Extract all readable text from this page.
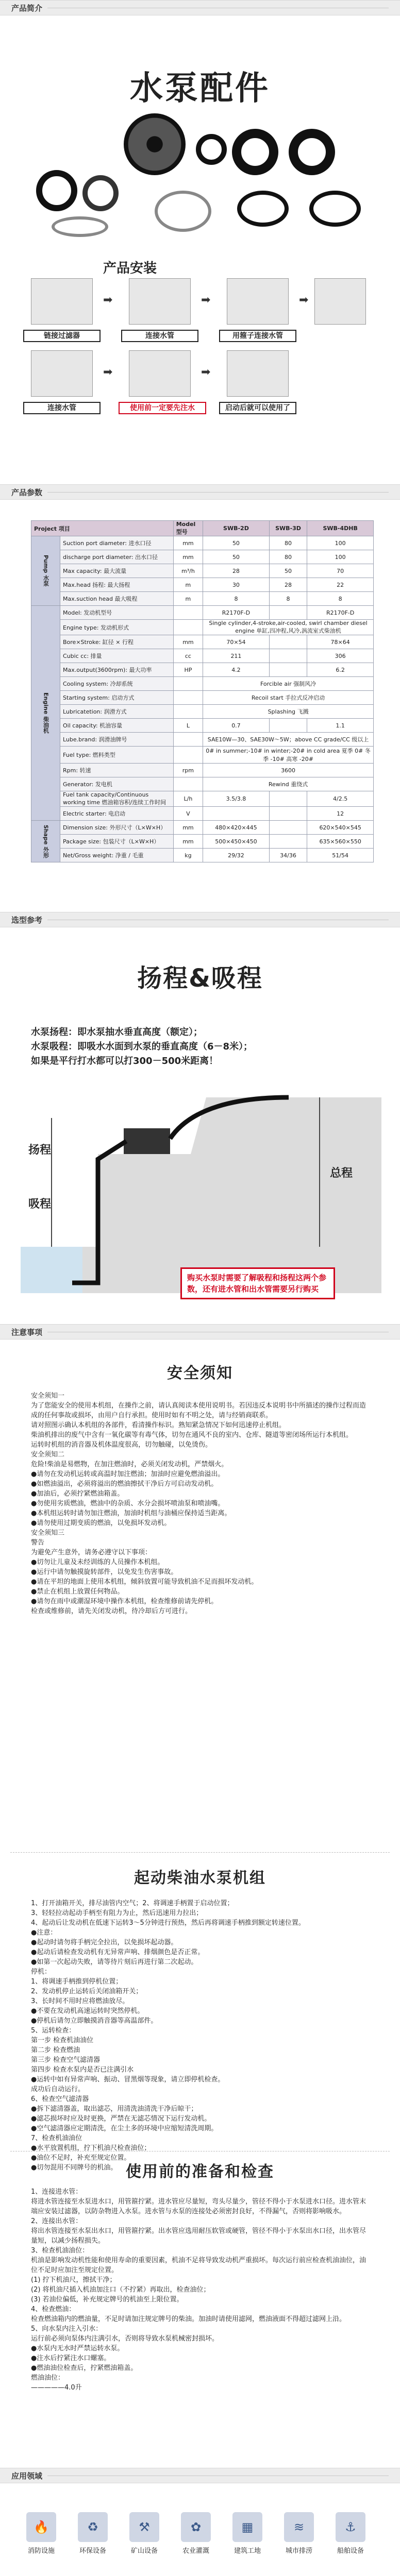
产品简介
水泵配件
产品安装
➡	➡	➡
链接过滤器	连接水管	用箍子连接水管
➡	➡
连接水管	使用前一定要先注水	启动后就可以使用了
产品参数
Project 项目		Model 型号	SWB-2D	SWB-3D	SWB-4DHB
Pump 水泵	Suction port diameter: 进水口径	mm	50	80	100
	discharge port diameter: 出水口径	mm	50	80	100
	Max capacity: 最大流量	m³/h	28	50	70
	Max.head 扬程: 最大扬程	m	30	28	22
	Max.suction head 最大吸程	m	8	8	8
Engine 柴油机	Model: 发动机型号		R2170F-D		R2170F-D
	Engine type: 发动机形式		Single cylinder,4-stroke,air-cooled, swirl chamber diesel engine 单缸,四冲程,风冷,涡流室式柴油机		
	Bore×Stroke: 缸径 × 行程	mm	70×54		78×64
	Cubic cc: 排量	cc	211		306
	Max.output(3600rpm): 最大功率	HP	4.2		6.2
	Cooling system: 冷却系统		Forcible air 强制风冷		
	Starting system: 启动方式		Recoil start 手拉式反冲启动		
	Lubricatetion: 润滑方式		Splashing 飞溅		
	Oil capacity: 机油容量	L	0.7		1.1
	Lube.brand: 润滑油牌号		SAE10W—30、SAE30W～5W；above CC grade/CC 级以上		
	Fuel type: 燃料类型		0# in summer;-10# in winter;-20# in cold area 夏季 0# 冬季 -10# 高寒 -20#		
	Rpm: 转速	rpm	3600		
	Generator: 发电机		Rewind 重绕式		
	Fuel tank capacity/Continuous working time 燃油箱容积/连续工作时间	L/h	3.5/3.8		4/2.5
	Electric starter: 电启动	V			12
Shape 外形	Dimension size: 外形尺寸（L×W×H）	mm	480×420×445		620×540×545
	Package size: 包装尺寸（L×W×H）	mm	500×450×450		635×560×550
	Net/Gross weight: 净重 / 毛重	kg	29/32	34/36	51/54
选型参考
扬程&吸程
水泵扬程：即水泵抽水垂直高度（额定）；
水泵吸程：即吸水水面到水泵的垂直高度（6－8米）；
如果是平行打水都可以打300－500米距离！
扬程
吸程
总程
购买水泵时需要了解吸程和扬程这两个参数，还有进水管和出水管需要另行购买
注意事项
安全须知
安全须知一
为了您能安全的使用本机组，在操作之前，请认真阅读本使用说明书。若因违反本说明书中所描述的操作过程而造成的任何事故或损坏，由用户自行承担。使用时如有不明之处，请与经销商联系。
请对照图示确认本机组的各部件，看清操作标识。熟知紧急情况下如何迅速停止机组。
柴油机排出的废气中含有一氧化碳等有毒气体，切勿在通风不良的室内、仓库、隧道等密闭场所运行本机组。
运转时机组的消音器及机体温度很高，切勿触碰，以免烫伤。
安全须知二
危险!柴油是易燃物，在加注燃油时，必须关闭发动机，严禁烟火。
●请勿在发动机运转或高温时加注燃油；加油时应避免燃油溢出。
●如燃油溢出，必须将溢出的燃油擦拭干净后方可启动发动机。
●加油后，必须拧紧燃油箱盖。
●勿使用劣质燃油，燃油中的杂质、水分会损坏喷油泵和喷油嘴。
●本机组运转时请勿加注燃油，加油时机组与油桶应保持适当距离。
●请勿使用过期变质的燃油，以免损坏发动机。
安全须知三
警告
为避免产生意外，请务必遵守以下事项：
●切勿让儿童及未经训练的人员操作本机组。
●运行中请勿触摸旋转部件，以免发生伤害事故。
●请在平坦的地面上使用本机组，倾斜放置可能导致机油不足而损坏发动机。
●禁止在机组上放置任何物品。
●请勿在雨中或潮湿环境中操作本机组，检查维修前请先停机。
检查或维修前，请先关闭发动机，待冷却后方可进行。
起动柴油水泵机组
1、打开油箱开关，排尽油管内空气；2、将调速手柄置于启动位置；
3、轻轻拉动起动手柄至有阻力为止，然后迅速用力拉出；
4、起动后让发动机在低速下运转3～5分钟进行预热，然后再将调速手柄推到额定转速位置。
●注意：
●起动时请勿将手柄完全拉出，以免损坏起动器。
●起动后请检查发动机有无异常声响、排烟颜色是否正常。
●如第一次起动失败，请等待片刻后再进行第二次起动。
停机：
1、将调速手柄推到停机位置；
2、发动机停止运转后关闭油箱开关；
3、长时间不用时应将燃油放尽。
●不要在发动机高速运转时突然停机。
●停机后请勿立即触摸消音器等高温部件。
5、运转检查：
第一步 检查机油油位
第二步 检查燃油
第三步 检查空气滤清器
第四步 检查水泵内是否已注满引水
●运转中如有异常声响、振动、冒黑烟等现象，请立即停机检查。
成功后自动运行。
6、检查空气滤清器
●拆下滤清器盖，取出滤芯，用清洗油清洗干净后晾干；
●滤芯损坏时应及时更换，严禁在无滤芯情况下运行发动机。
●空气滤清器应定期清洗，在尘土多的环境中应缩短清洗周期。
7、检查机油油位
●水平放置机组，拧下机油尺检查油位；
●油位不足时，补充至规定位置。
●切勿混用不同牌号的机油。 使用前的准备和检查
1、连接进水管：
将进水管连接至水泵进水口，用管箍拧紧。进水管应尽量短，弯头尽量少，管径不得小于水泵进水口径。进水管末端应安装过滤器，以防杂物进入水泵。进水管与水泵的连接处必须密封良好，不得漏气，否则将影响吸水。
2、连接出水管：
将出水管连接至水泵出水口，用管箍拧紧。出水管应选用耐压软管或硬管，管径不得小于水泵出水口径，出水管尽量短，以减少扬程损失。
3、检查机油油位：
机油是影响发动机性能和使用寿命的重要因素，机油不足将导致发动机严重损坏。每次运行前应检查机油油位，油位不足时应加注至规定位置。
(1) 拧下机油尺，擦拭干净；
(2) 将机油尺插入机油加注口（不拧紧）再取出，检查油位；
(3) 若油位偏低，补充规定牌号的机油至上限位置。
4、检查燃油：
检查燃油箱内的燃油量，不足时请加注规定牌号的柴油。加油时请使用滤网，燃油液面不得超过滤网上沿。
5、向水泵内注入引水：
运行前必须向泵体内注满引水，否则将导致水泵机械密封损坏。
●水泵内无水时严禁运转水泵。
●注水后拧紧注水口螺塞。
●燃油油位检查后，拧紧燃油箱盖。
燃油油位：
—————4.0升
应用领域
🔥
消防设施
♻
环保设备
⚒
矿山设备
✿
农业灌溉
▦
建筑工地
≋
城市排涝
⚓
船舶设备
